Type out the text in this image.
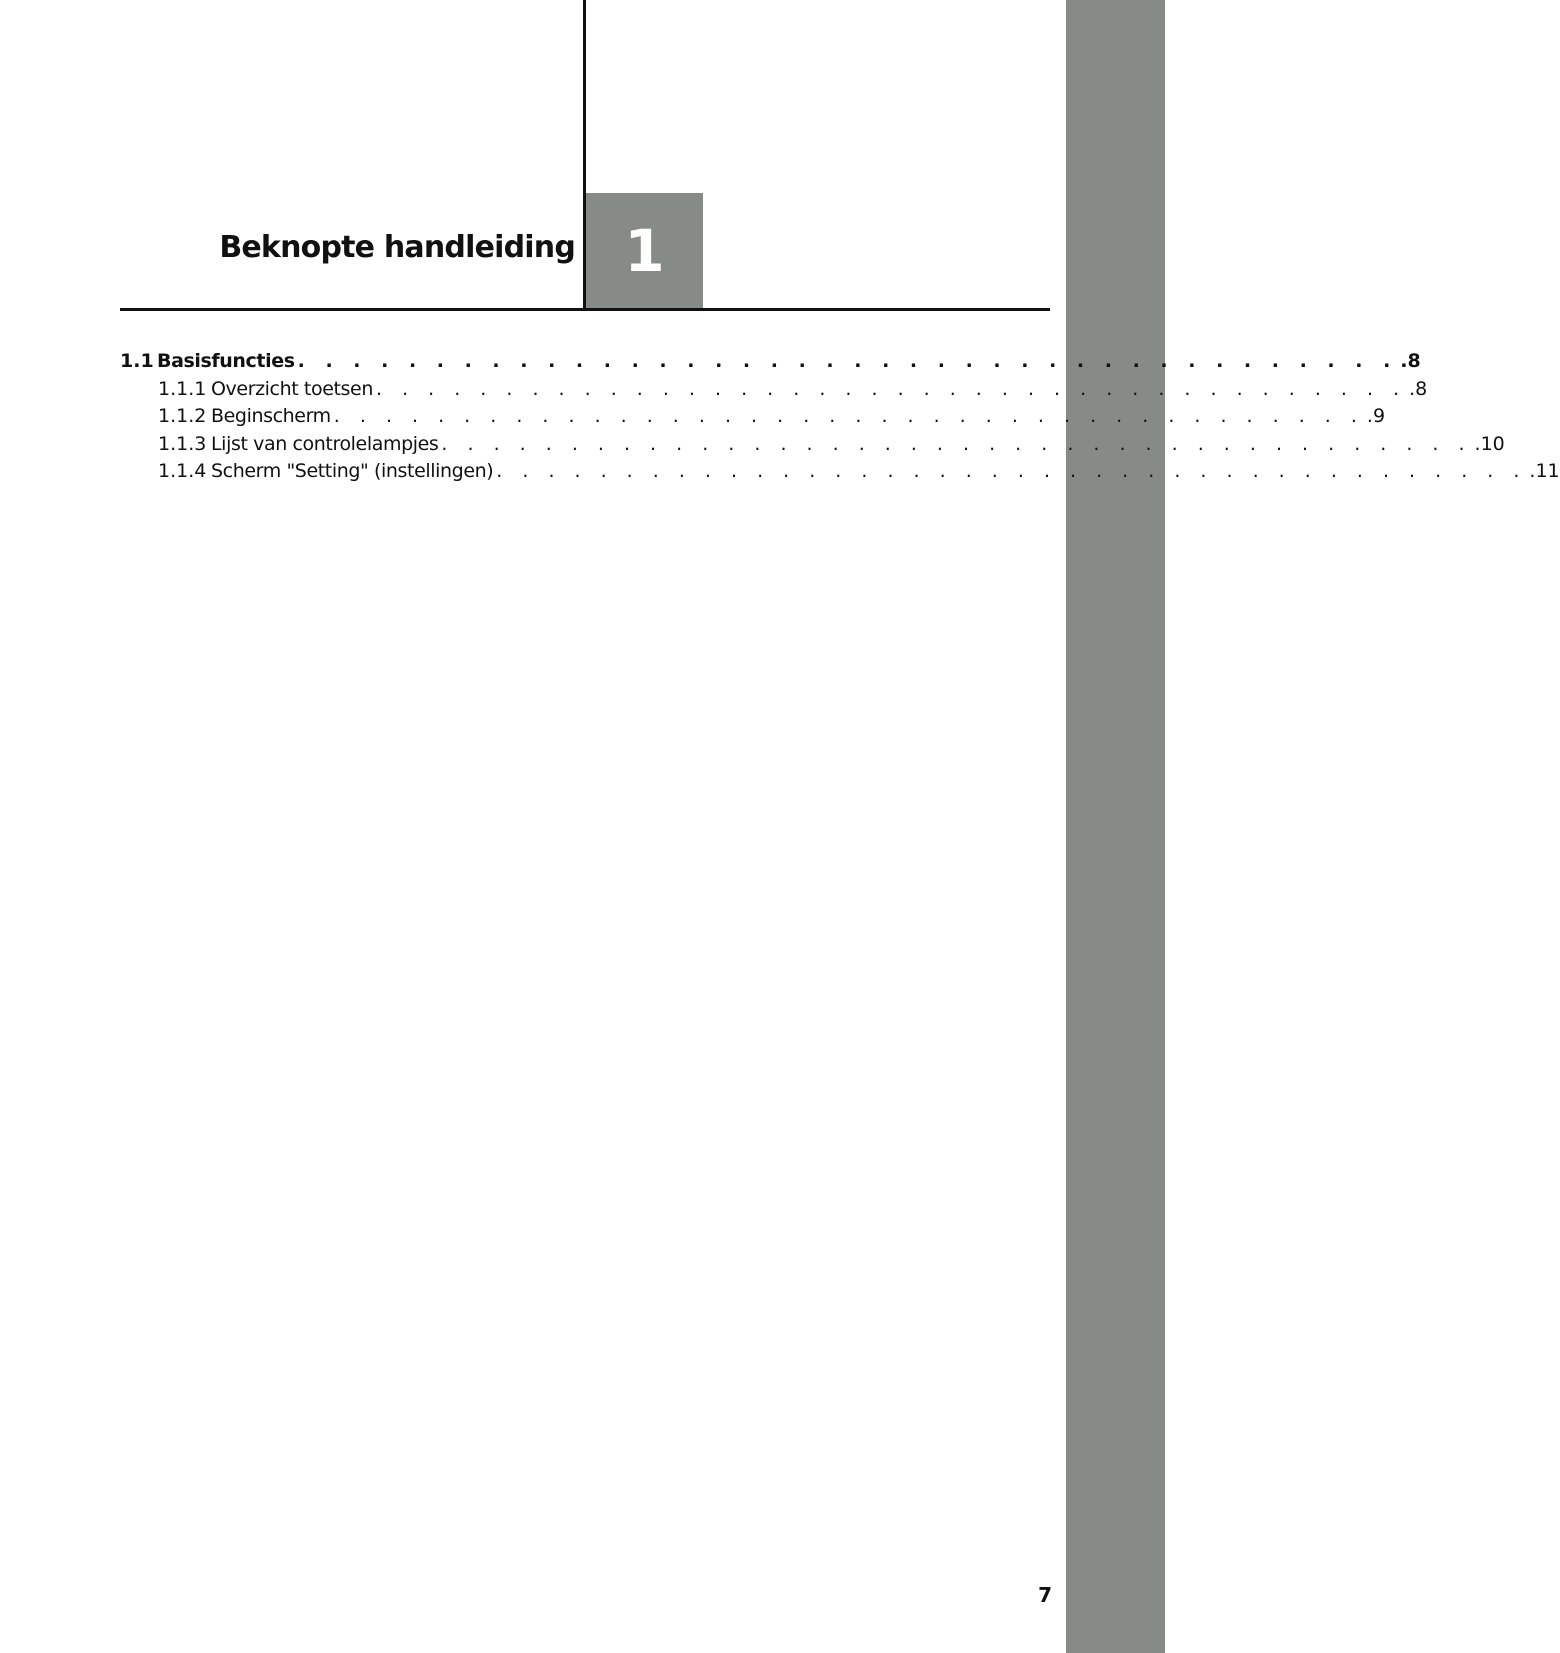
Beknopte handleiding 1
1.1 Basisfuncties . . . . . . . . . . . . . . . . . . . . . . . . . . . . . . . . . . . . . . . . .8
1.1.1 Overzicht toetsen . . . . . . . . . . . . . . . . . . . . . . . . . . . . . . . . . . . . . . . . .8
1.1.2 Beginscherm . . . . . . . . . . . . . . . . . . . . . . . . . . . . . . . . . . . . . . . . .9
1.1.3 Lijst van controlelampjes . . . . . . . . . . . . . . . . . . . . . . . . . . . . . . . . . . . . . . . . .10
1.1.4 Scherm "Setting" (instellingen) . . . . . . . . . . . . . . . . . . . . . . . . . . . . . . . . . . . . . . . . .11
7
